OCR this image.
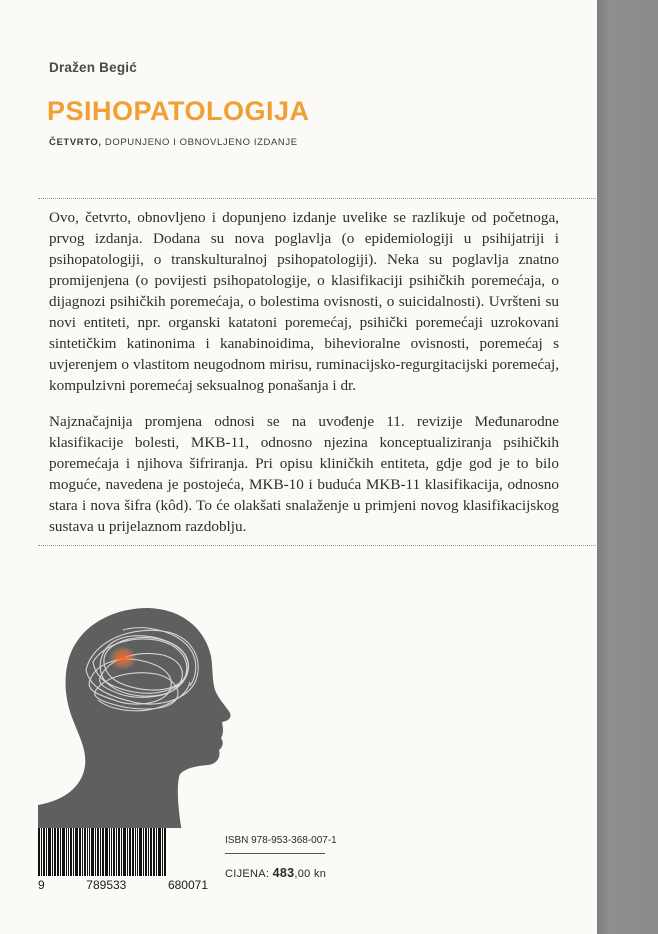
Dražen Begić
PSIHOPATOLOGIJA
ČETVRTO, DOPUNJENO I OBNOVLJENO IZDANJE

Ovo, četvrto, obnovljeno i dopunjeno izdanje uvelike se razlikuje od početnoga, prvog izdanja. Dodana su nova poglavlja (o epidemiologiji u psihijatriji i psihopatologiji, o transkulturalnoj psihopatologiji). Neka su poglavlja znatno promijenjena (o povijesti psihopatologije, o klasifikaciji psihičkih poremećaja, o dijagnozi psihičkih poremećaja, o bolestima ovisnosti, o suicidalnosti). Uvršteni su novi entiteti, npr. organski katatoni poremećaj, psihički poremećaji uzrokovani sintetičkim katinonima i kanabinoidima, bihevioralne ovisnosti, poremećaj s uvjerenjem o vlastitom neugodnom mirisu, ruminacijsko-regurgitacijski poremećaj, kompulzivni poremećaj seksualnog ponašanja i dr.

Najznačajnija promjena odnosi se na uvođenje 11. revizije Međunarodne klasifikacije bolesti, MKB-11, odnosno njezina konceptualiziranja psihičkih poremećaja i njihova šifriranja. Pri opisu kliničkih entiteta, gdje god je to bilo moguće, navedena je postojeća, MKB-10 i buduća MKB-11 klasifikacija, odnosno stara i nova šifra (kôd). To će olakšati snalaženje u primjeni novog klasifikacijskog sustava u prijelaznom razdoblju.

9	789533	680071
ISBN 978-953-368-007-1
CIJENA: 483,00 kn
